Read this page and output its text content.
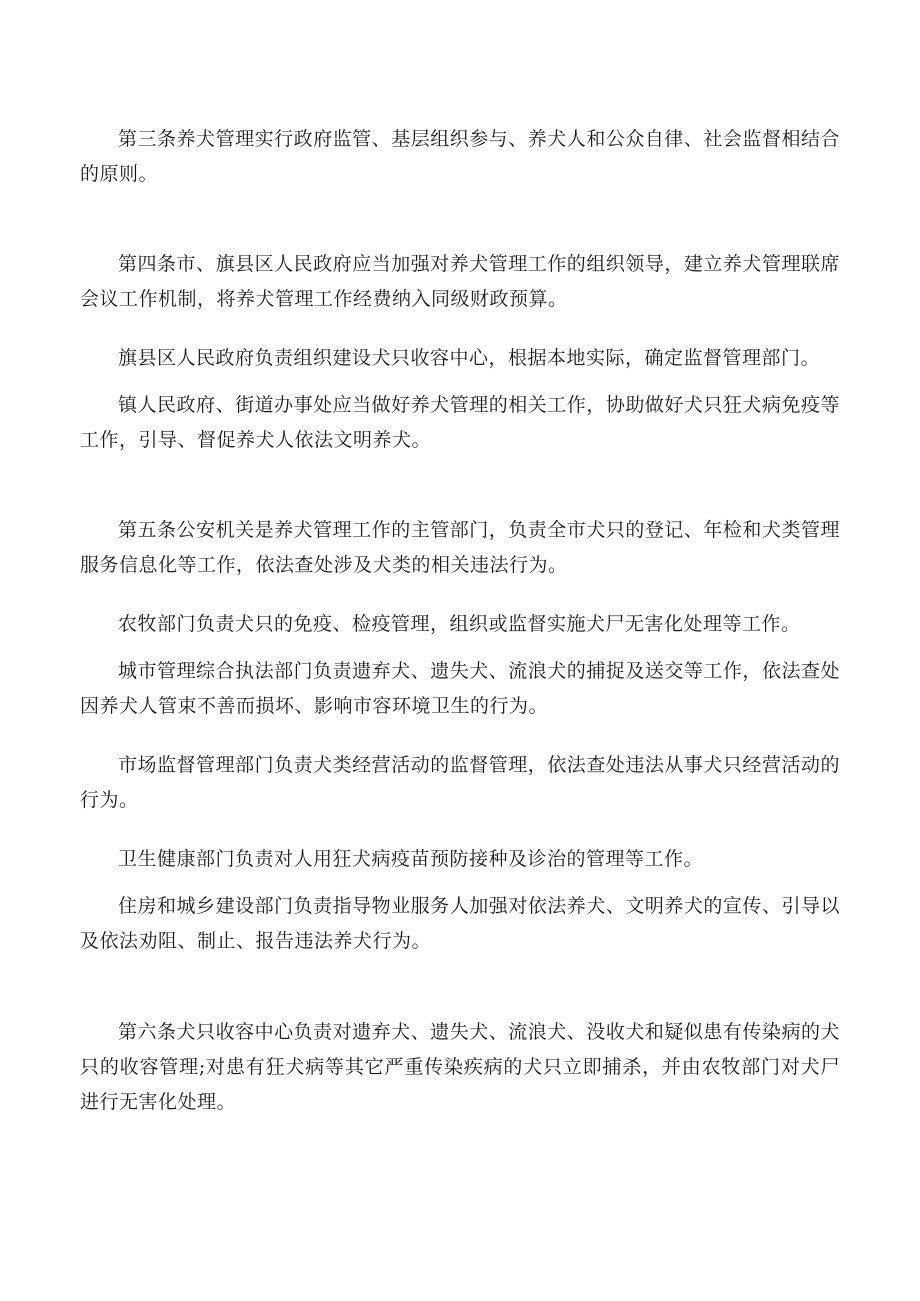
第三条养犬管理实行政府监管、基层组织参与、养犬人和公众自律、社会监督相结合的原则。

第四条市、旗县区人民政府应当加强对养犬管理工作的组织领导，建立养犬管理联席会议工作机制，将养犬管理工作经费纳入同级财政预算。

旗县区人民政府负责组织建设犬只收容中心，根据本地实际，确定监督管理部门。

镇人民政府、街道办事处应当做好养犬管理的相关工作，协助做好犬只狂犬病免疫等工作，引导、督促养犬人依法文明养犬。

第五条公安机关是养犬管理工作的主管部门，负责全市犬只的登记、年检和犬类管理服务信息化等工作，依法查处涉及犬类的相关违法行为。

农牧部门负责犬只的免疫、检疫管理，组织或监督实施犬尸无害化处理等工作。

城市管理综合执法部门负责遗弃犬、遗失犬、流浪犬的捕捉及送交等工作，依法查处因养犬人管束不善而损坏、影响市容环境卫生的行为。

市场监督管理部门负责犬类经营活动的监督管理，依法查处违法从事犬只经营活动的行为。

卫生健康部门负责对人用狂犬病疫苗预防接种及诊治的管理等工作。

住房和城乡建设部门负责指导物业服务人加强对依法养犬、文明养犬的宣传、引导以及依法劝阻、制止、报告违法养犬行为。

第六条犬只收容中心负责对遗弃犬、遗失犬、流浪犬、没收犬和疑似患有传染病的犬只的收容管理;对患有狂犬病等其它严重传染疾病的犬只立即捕杀，并由农牧部门对犬尸进行无害化处理。
